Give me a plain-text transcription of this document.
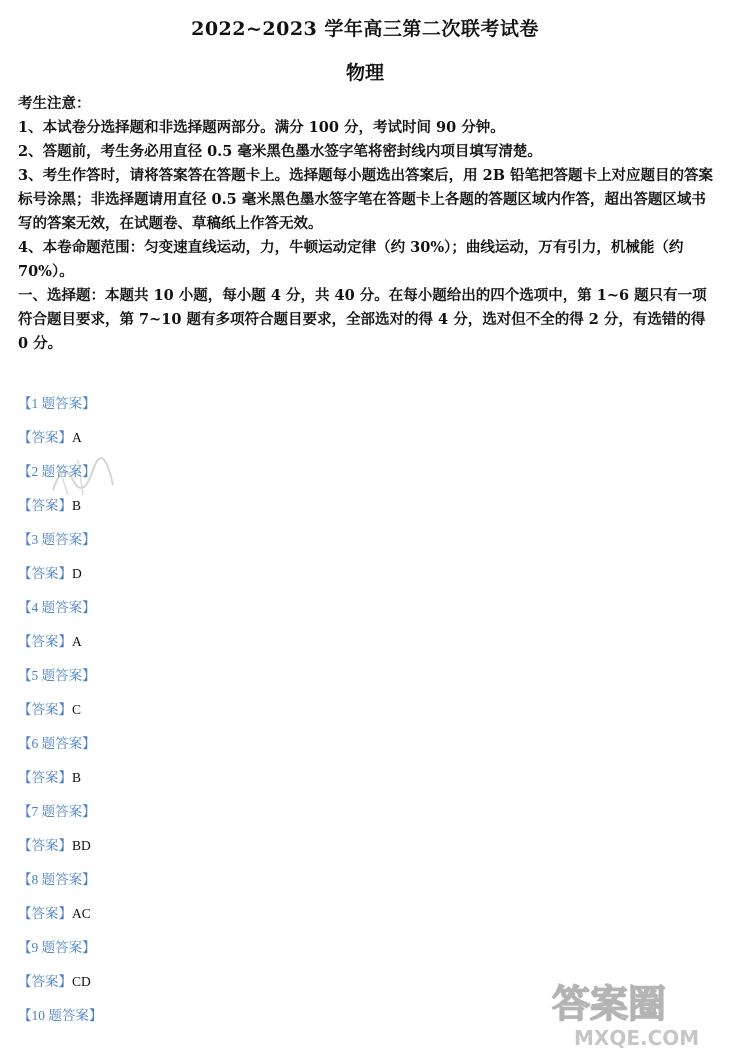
2022~2023 学年高三第二次联考试卷
物理

考生注意：

1、本试卷分选择题和非选择题两部分。满分 100 分，考试时间 90 分钟。

2、答题前，考生务必用直径 0.5 毫米黑色墨水签字笔将密封线内项目填写清楚。

3、考生作答时，请将答案答在答题卡上。选择题每小题选出答案后，用 2B 铅笔把答题卡上对应题目的答案标号涂黑；非选择题请用直径 0.5 毫米黑色墨水签字笔在答题卡上各题的答题区域内作答，超出答题区域书写的答案无效，在试题卷、草稿纸上作答无效。

4、本卷命题范围：匀变速直线运动，力，牛顿运动定律（约 30%）；曲线运动，万有引力，机械能（约 70%）。

一、选择题：本题共 10 小题，每小题 4 分，共 40 分。在每小题给出的四个选项中，第 1~6 题只有一项符合题目要求，第 7~10 题有多项符合题目要求，全部选对的得 4 分，选对但不全的得 2 分，有选错的得 0 分。

【1 题答案】
【答案】A
【2 题答案】
【答案】B
【3 题答案】
【答案】D
【4 题答案】
【答案】A
【5 题答案】
【答案】C
【6 题答案】
【答案】B
【7 题答案】
【答案】BD
【8 题答案】
【答案】AC
【9 题答案】
【答案】CD
【10 题答案】	答案圈
MXQE.COM
